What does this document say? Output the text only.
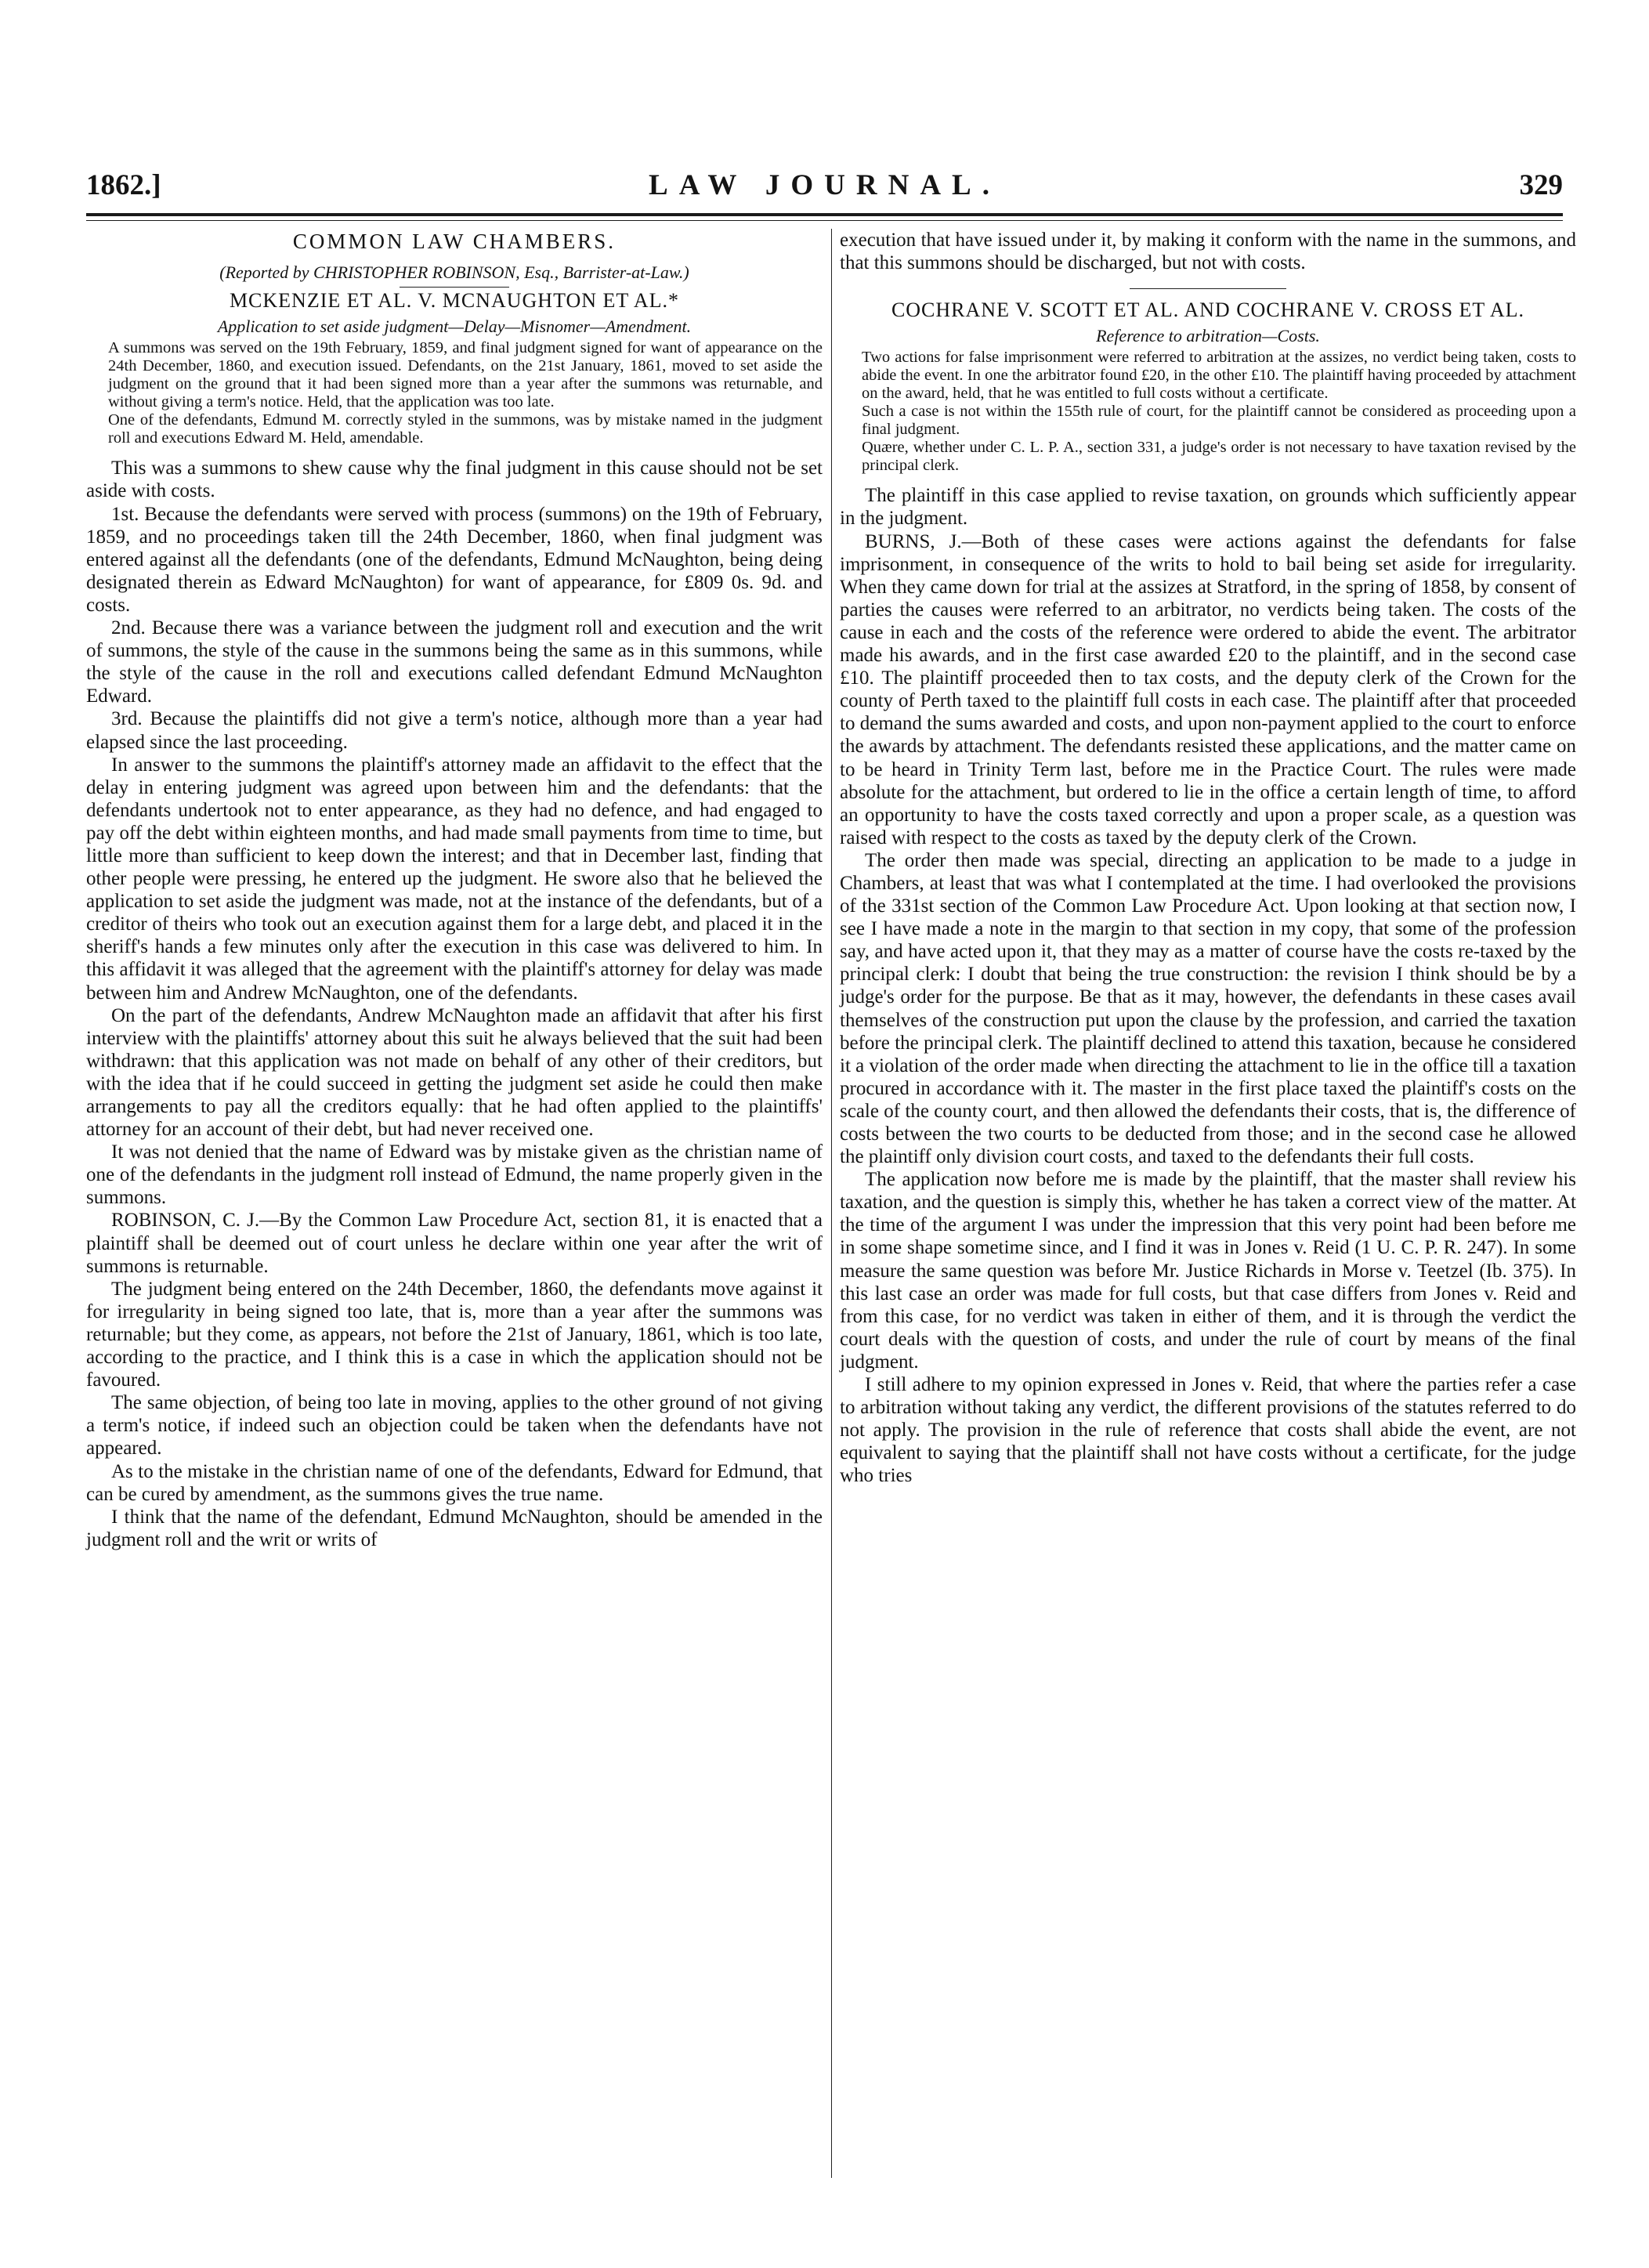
1862.]	LAW JOURNAL.	329

COMMON LAW CHAMBERS.

(Reported by CHRISTOPHER ROBINSON, Esq., Barrister-at-Law.)

MCKENZIE ET AL. V. MCNAUGHTON ET AL.*

Application to set aside judgment—Delay—Misnomer—Amendment.

A summons was served on the 19th February, 1859, and final judgment signed for want of appearance on the 24th December, 1860, and execution issued. Defendants, on the 21st January, 1861, moved to set aside the judgment on the ground that it had been signed more than a year after the summons was returnable, and without giving a term's notice. Held, that the application was too late.

One of the defendants, Edmund M. correctly styled in the summons, was by mistake named in the judgment roll and executions Edward M. Held, amendable.

This was a summons to shew cause why the final judgment in this cause should not be set aside with costs.

1st. Because the defendants were served with process (summons) on the 19th of February, 1859, and no proceedings taken till the 24th December, 1860, when final judgment was entered against all the defendants (one of the defendants, Edmund McNaughton, being deing designated therein as Edward McNaughton) for want of appearance, for £809 0s. 9d. and costs.

2nd. Because there was a variance between the judgment roll and execution and the writ of summons, the style of the cause in the summons being the same as in this summons, while the style of the cause in the roll and executions called defendant Edmund McNaughton Edward.

3rd. Because the plaintiffs did not give a term's notice, although more than a year had elapsed since the last proceeding.

In answer to the summons the plaintiff's attorney made an affidavit to the effect that the delay in entering judgment was agreed upon between him and the defendants: that the defendants undertook not to enter appearance, as they had no defence, and had engaged to pay off the debt within eighteen months, and had made small payments from time to time, but little more than sufficient to keep down the interest; and that in December last, finding that other people were pressing, he entered up the judgment. He swore also that he believed the application to set aside the judgment was made, not at the instance of the defendants, but of a creditor of theirs who took out an execution against them for a large debt, and placed it in the sheriff's hands a few minutes only after the execution in this case was delivered to him. In this affidavit it was alleged that the agreement with the plaintiff's attorney for delay was made between him and Andrew McNaughton, one of the defendants.

On the part of the defendants, Andrew McNaughton made an affidavit that after his first interview with the plaintiffs' attorney about this suit he always believed that the suit had been withdrawn: that this application was not made on behalf of any other of their creditors, but with the idea that if he could succeed in getting the judgment set aside he could then make arrangements to pay all the creditors equally: that he had often applied to the plaintiffs' attorney for an account of their debt, but had never received one.

It was not denied that the name of Edward was by mistake given as the christian name of one of the defendants in the judgment roll instead of Edmund, the name properly given in the summons.

ROBINSON, C. J.—By the Common Law Procedure Act, section 81, it is enacted that a plaintiff shall be deemed out of court unless he declare within one year after the writ of summons is returnable.

The judgment being entered on the 24th December, 1860, the defendants move against it for irregularity in being signed too late, that is, more than a year after the summons was returnable; but they come, as appears, not before the 21st of January, 1861, which is too late, according to the practice, and I think this is a case in which the application should not be favoured.

The same objection, of being too late in moving, applies to the other ground of not giving a term's notice, if indeed such an objection could be taken when the defendants have not appeared.

As to the mistake in the christian name of one of the defendants, Edward for Edmund, that can be cured by amendment, as the summons gives the true name.

I think that the name of the defendant, Edmund McNaughton, should be amended in the judgment roll and the writ or writs of

execution that have issued under it, by making it conform with the name in the summons, and that this summons should be discharged, but not with costs.

COCHRANE V. SCOTT ET AL. AND COCHRANE V. CROSS ET AL.

Reference to arbitration—Costs.

Two actions for false imprisonment were referred to arbitration at the assizes, no verdict being taken, costs to abide the event. In one the arbitrator found £20, in the other £10. The plaintiff having proceeded by attachment on the award, held, that he was entitled to full costs without a certificate.

Such a case is not within the 155th rule of court, for the plaintiff cannot be considered as proceeding upon a final judgment.

Quære, whether under C. L. P. A., section 331, a judge's order is not necessary to have taxation revised by the principal clerk.

The plaintiff in this case applied to revise taxation, on grounds which sufficiently appear in the judgment.

BURNS, J.—Both of these cases were actions against the defendants for false imprisonment, in consequence of the writs to hold to bail being set aside for irregularity. When they came down for trial at the assizes at Stratford, in the spring of 1858, by consent of parties the causes were referred to an arbitrator, no verdicts being taken. The costs of the cause in each and the costs of the reference were ordered to abide the event. The arbitrator made his awards, and in the first case awarded £20 to the plaintiff, and in the second case £10. The plaintiff proceeded then to tax costs, and the deputy clerk of the Crown for the county of Perth taxed to the plaintiff full costs in each case. The plaintiff after that proceeded to demand the sums awarded and costs, and upon non-payment applied to the court to enforce the awards by attachment. The defendants resisted these applications, and the matter came on to be heard in Trinity Term last, before me in the Practice Court. The rules were made absolute for the attachment, but ordered to lie in the office a certain length of time, to afford an opportunity to have the costs taxed correctly and upon a proper scale, as a question was raised with respect to the costs as taxed by the deputy clerk of the Crown.

The order then made was special, directing an application to be made to a judge in Chambers, at least that was what I contemplated at the time. I had overlooked the provisions of the 331st section of the Common Law Procedure Act. Upon looking at that section now, I see I have made a note in the margin to that section in my copy, that some of the profession say, and have acted upon it, that they may as a matter of course have the costs re-taxed by the principal clerk: I doubt that being the true construction: the revision I think should be by a judge's order for the purpose. Be that as it may, however, the defendants in these cases avail themselves of the construction put upon the clause by the profession, and carried the taxation before the principal clerk. The plaintiff declined to attend this taxation, because he considered it a violation of the order made when directing the attachment to lie in the office till a taxation procured in accordance with it. The master in the first place taxed the plaintiff's costs on the scale of the county court, and then allowed the defendants their costs, that is, the difference of costs between the two courts to be deducted from those; and in the second case he allowed the plaintiff only division court costs, and taxed to the defendants their full costs.

The application now before me is made by the plaintiff, that the master shall review his taxation, and the question is simply this, whether he has taken a correct view of the matter. At the time of the argument I was under the impression that this very point had been before me in some shape sometime since, and I find it was in Jones v. Reid (1 U. C. P. R. 247). In some measure the same question was before Mr. Justice Richards in Morse v. Teetzel (Ib. 375). In this last case an order was made for full costs, but that case differs from Jones v. Reid and from this case, for no verdict was taken in either of them, and it is through the verdict the court deals with the question of costs, and under the rule of court by means of the final judgment.

I still adhere to my opinion expressed in Jones v. Reid, that where the parties refer a case to arbitration without taking any verdict, the different provisions of the statutes referred to do not apply. The provision in the rule of reference that costs shall abide the event, are not equivalent to saying that the plaintiff shall not have costs without a certificate, for the judge who tries
